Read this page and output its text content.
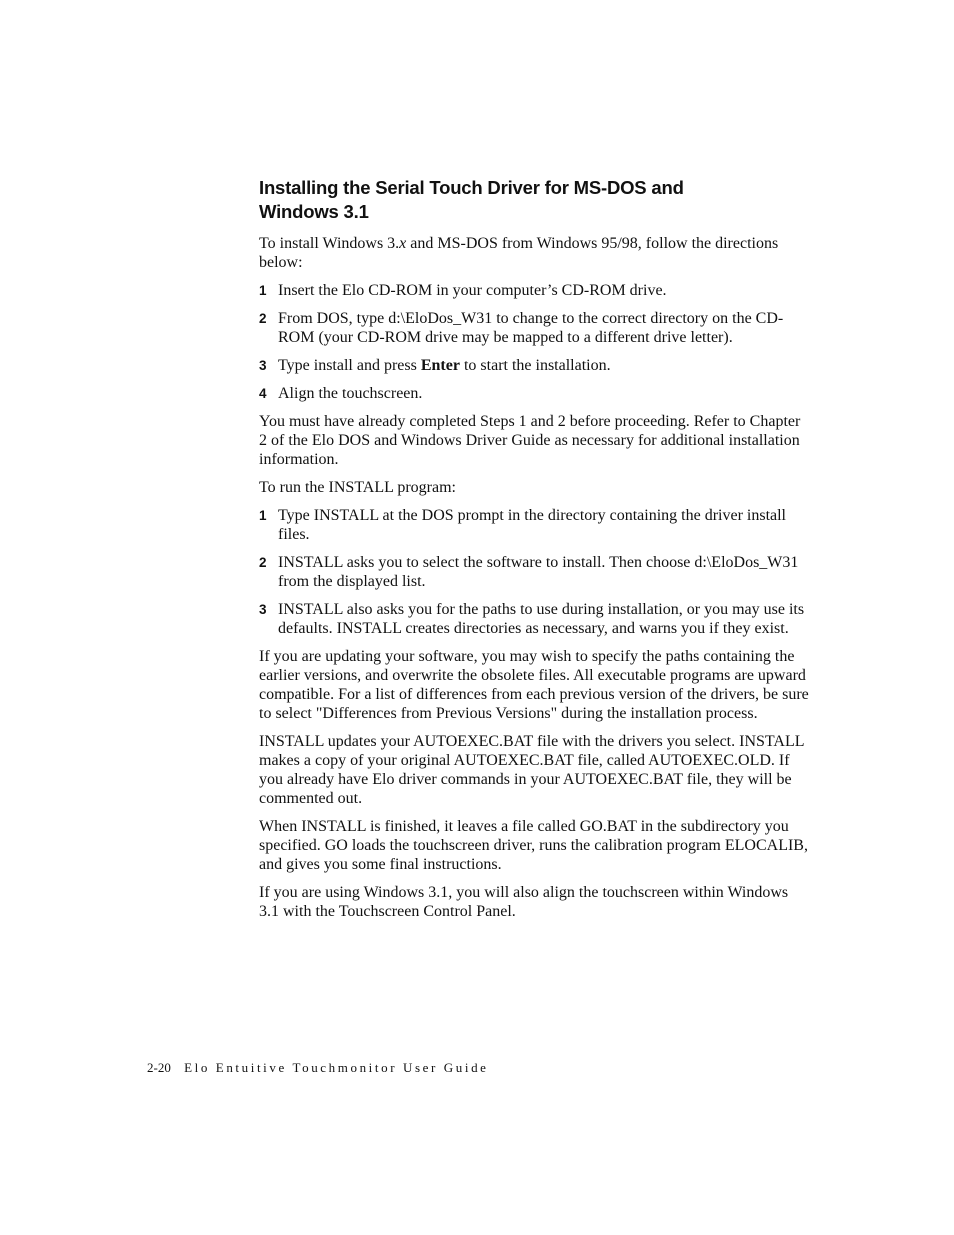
Installing the Serial Touch Driver for MS-DOS and
Windows 3.1

To install Windows 3.x and MS-DOS from Windows 95/98, follow the directions below:

1 Insert the Elo CD-ROM in your computer’s CD-ROM drive.
2 From DOS, type d:\EloDos_W31 to change to the correct directory on the CD-ROM (your CD-ROM drive may be mapped to a different drive letter).
3 Type install and press Enter to start the installation.
4 Align the touchscreen.

You must have already completed Steps 1 and 2 before proceeding. Refer to Chapter 2 of the Elo DOS and Windows Driver Guide as necessary for additional installation information.

To run the INSTALL program:

1 Type INSTALL at the DOS prompt in the directory containing the driver install files.
2 INSTALL asks you to select the software to install. Then choose d:\EloDos_W31 from the displayed list.
3 INSTALL also asks you for the paths to use during installation, or you may use its defaults. INSTALL creates directories as necessary, and warns you if they exist.

If you are updating your software, you may wish to specify the paths containing the earlier versions, and overwrite the obsolete files. All executable programs are upward compatible. For a list of differences from each previous version of the drivers, be sure to select "Differences from Previous Versions" during the installation process.

INSTALL updates your AUTOEXEC.BAT file with the drivers you select. INSTALL makes a copy of your original AUTOEXEC.BAT file, called AUTOEXEC.OLD. If you already have Elo driver commands in your AUTOEXEC.BAT file, they will be commented out.

When INSTALL is finished, it leaves a file called GO.BAT in the subdirectory you specified. GO loads the touchscreen driver, runs the calibration program ELOCALIB, and gives you some final instructions.

If you are using Windows 3.1, you will also align the touchscreen within Windows 3.1 with the Touchscreen Control Panel.

2-20 Elo Entuitive Touchmonitor User Guide
